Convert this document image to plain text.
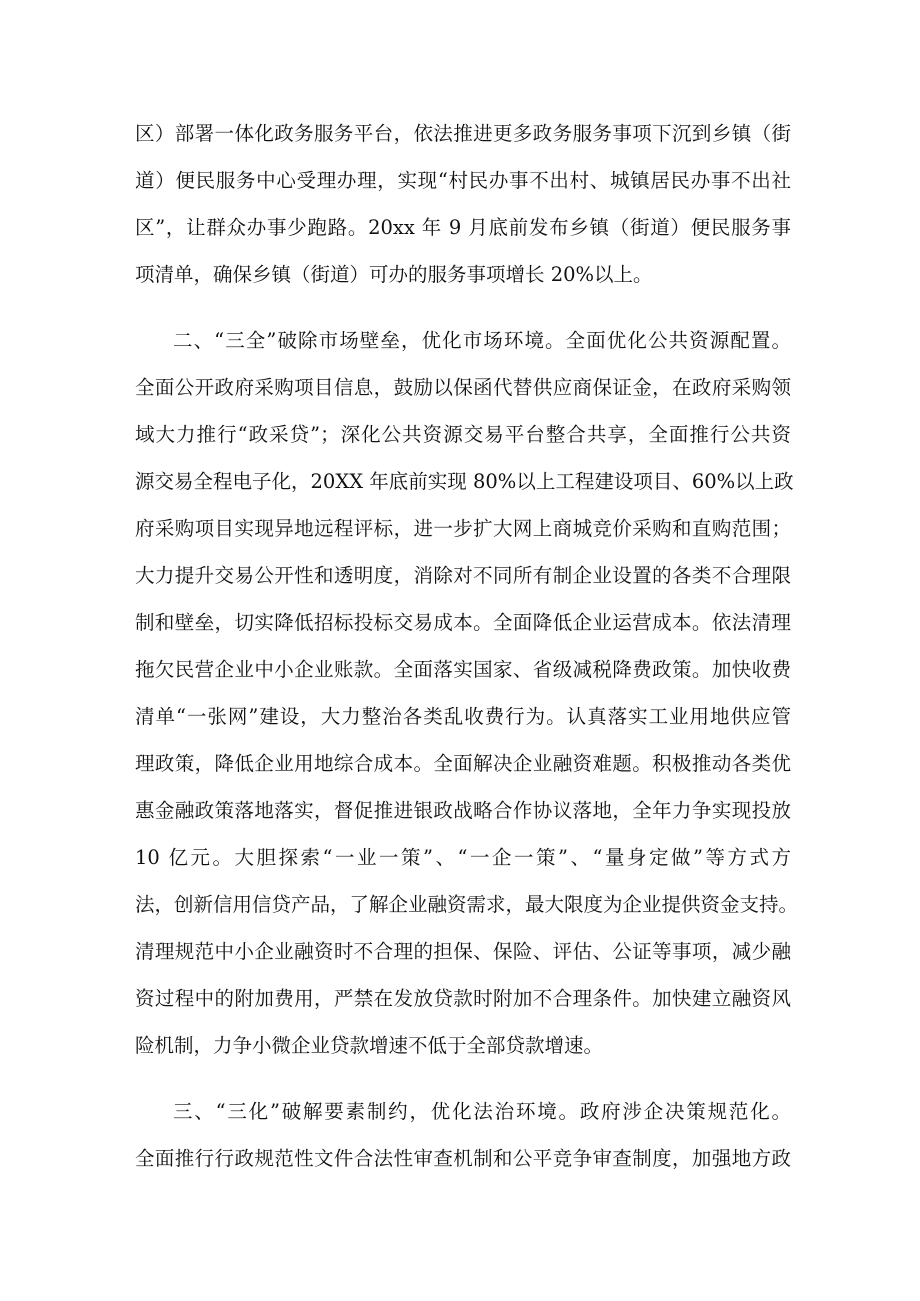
区）部署一体化政务服务平台，依法推进更多政务服务事项下沉到乡镇（街
道）便民服务中心受理办理，实现“村民办事不出村、城镇居民办事不出社
区”，让群众办事少跑路。20xx 年 9 月底前发布乡镇（街道）便民服务事
项清单，确保乡镇（街道）可办的服务事项增长 20%以上。
二、“三全”破除市场壁垒，优化市场环境。全面优化公共资源配置。
全面公开政府采购项目信息，鼓励以保函代替供应商保证金，在政府采购领
域大力推行“政采贷”；深化公共资源交易平台整合共享，全面推行公共资
源交易全程电子化，20XX 年底前实现 80%以上工程建设项目、60%以上政
府采购项目实现异地远程评标，进一步扩大网上商城竞价采购和直购范围；
大力提升交易公开性和透明度，消除对不同所有制企业设置的各类不合理限
制和壁垒，切实降低招标投标交易成本。全面降低企业运营成本。依法清理
拖欠民营企业中小企业账款。全面落实国家、省级减税降费政策。加快收费
清单“一张网”建设，大力整治各类乱收费行为。认真落实工业用地供应管
理政策，降低企业用地综合成本。全面解决企业融资难题。积极推动各类优
惠金融政策落地落实，督促推进银政战略合作协议落地，全年力争实现投放
10 亿元。大胆探索“一业一策”、“一企一策”、“量身定做”等方式方
法，创新信用信贷产品，了解企业融资需求，最大限度为企业提供资金支持。
清理规范中小企业融资时不合理的担保、保险、评估、公证等事项，减少融
资过程中的附加费用，严禁在发放贷款时附加不合理条件。加快建立融资风
险机制，力争小微企业贷款增速不低于全部贷款增速。
三、“三化”破解要素制约，优化法治环境。政府涉企决策规范化。
全面推行行政规范性文件合法性审查机制和公平竞争审查制度，加强地方政
